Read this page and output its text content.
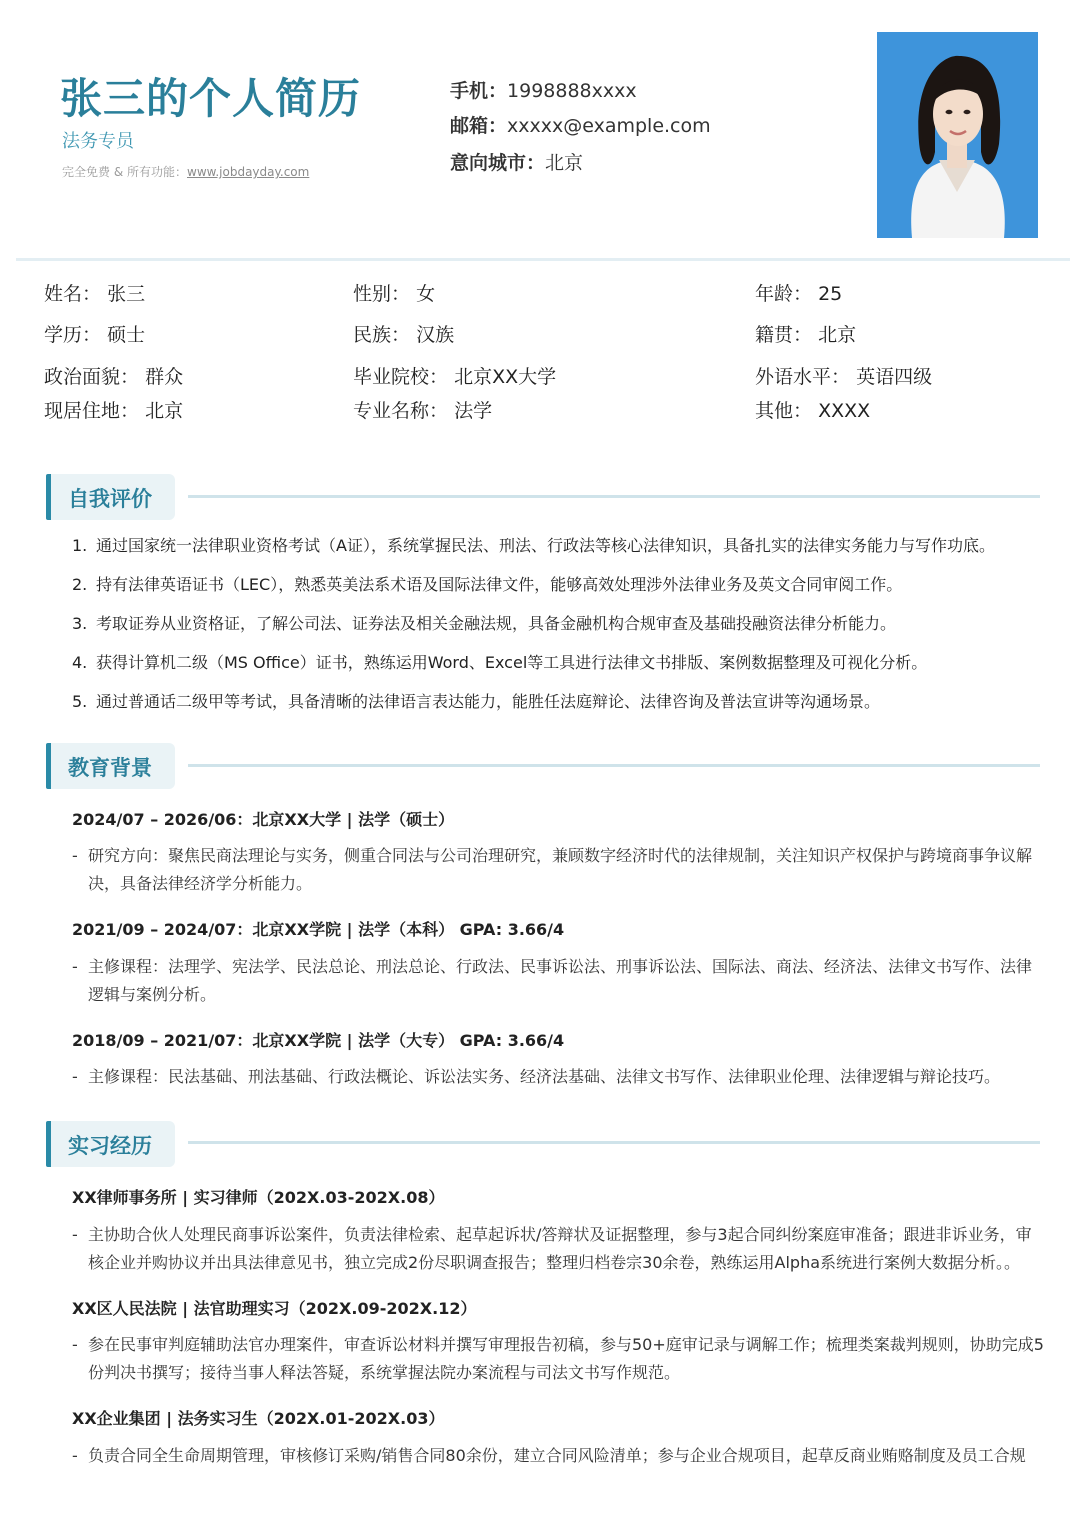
张三的个人简历
法务专员
完全免费 & 所有功能：www.jobdayday.com
手机：1998888xxxx
邮箱：xxxxx@example.com
意向城市：北京
姓名： 张三	性别： 女	年龄： 25
学历： 硕士	民族： 汉族	籍贯： 北京
政治面貌： 群众	毕业院校： 北京XX大学	外语水平： 英语四级
现居住地： 北京	专业名称： 法学	其他： XXXX
自我评价
1. 通过国家统一法律职业资格考试（A证），系统掌握民法、刑法、行政法等核心法律知识，具备扎实的法律实务能力与写作功底。
2. 持有法律英语证书（LEC），熟悉英美法系术语及国际法律文件，能够高效处理涉外法律业务及英文合同审阅工作。
3. 考取证券从业资格证，了解公司法、证券法及相关金融法规，具备金融机构合规审查及基础投融资法律分析能力。
4. 获得计算机二级（MS Office）证书，熟练运用Word、Excel等工具进行法律文书排版、案例数据整理及可视化分析。
5. 通过普通话二级甲等考试，具备清晰的法律语言表达能力，能胜任法庭辩论、法律咨询及普法宣讲等沟通场景。
教育背景
2024/07 – 2026/06：北京XX大学 | 法学（硕士）
- 研究方向：聚焦民商法理论与实务，侧重合同法与公司治理研究，兼顾数字经济时代的法律规制，关注知识产权保护与跨境商事争议解决，具备法律经济学分析能力。
2021/09 – 2024/07：北京XX学院 | 法学（本科） GPA: 3.66/4
- 主修课程：法理学、宪法学、民法总论、刑法总论、行政法、民事诉讼法、刑事诉讼法、国际法、商法、经济法、法律文书写作、法律逻辑与案例分析。
2018/09 – 2021/07：北京XX学院 | 法学（大专） GPA: 3.66/4
- 主修课程：民法基础、刑法基础、行政法概论、诉讼法实务、经济法基础、法律文书写作、法律职业伦理、法律逻辑与辩论技巧。
实习经历
XX律师事务所 | 实习律师（202X.03-202X.08）
- 主协助合伙人处理民商事诉讼案件，负责法律检索、起草起诉状/答辩状及证据整理，参与3起合同纠纷案庭审准备；跟进非诉业务，审核企业并购协议并出具法律意见书，独立完成2份尽职调查报告；整理归档卷宗30余卷，熟练运用Alpha系统进行案例大数据分析。。
XX区人民法院 | 法官助理实习（202X.09-202X.12）
- 参在民事审判庭辅助法官办理案件，审查诉讼材料并撰写审理报告初稿，参与50+庭审记录与调解工作；梳理类案裁判规则，协助完成5份判决书撰写；接待当事人释法答疑，系统掌握法院办案流程与司法文书写作规范。
XX企业集团 | 法务实习生（202X.01-202X.03）
- 负责合同全生命周期管理，审核修订采购/销售合同80余份，建立合同风险清单；参与企业合规项目，起草反商业贿赂制度及员工合规
